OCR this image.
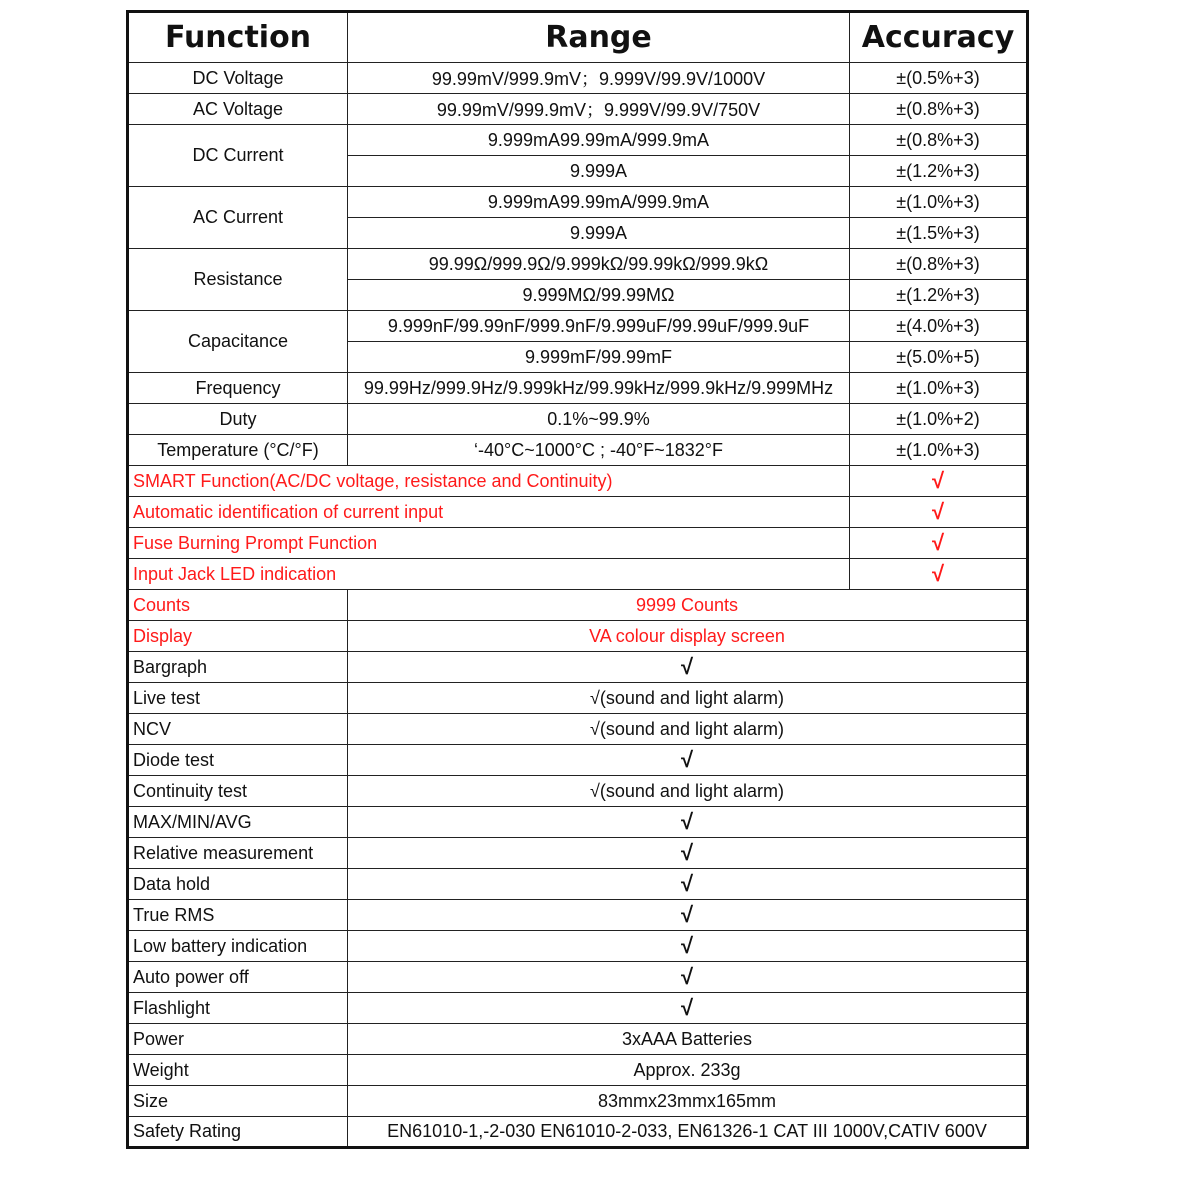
Function	Range	Accuracy
DC Voltage	99.99mV/999.9mV；9.999V/99.9V/1000V	±(0.5%+3)
AC Voltage	99.99mV/999.9mV；9.999V/99.9V/750V	±(0.8%+3)
DC Current	9.999mA99.99mA/999.9mA	±(0.8%+3)
	9.999A	±(1.2%+3)
AC Current	9.999mA99.99mA/999.9mA	±(1.0%+3)
	9.999A	±(1.5%+3)
Resistance	99.99Ω/999.9Ω/9.999kΩ/99.99kΩ/999.9kΩ	±(0.8%+3)
	9.999MΩ/99.99MΩ	±(1.2%+3)
Capacitance	9.999nF/99.99nF/999.9nF/9.999uF/99.99uF/999.9uF	±(4.0%+3)
	9.999mF/99.99mF	±(5.0%+5)
Frequency	99.99Hz/999.9Hz/9.999kHz/99.99kHz/999.9kHz/9.999MHz	±(1.0%+3)
Duty	0.1%~99.9%	±(1.0%+2)
Temperature (°C/°F)	‘-40°C~1000°C ; -40°F~1832°F	±(1.0%+3)
SMART Function(AC/DC voltage, resistance and Continuity)		√
Automatic identification of current input		√
Fuse Burning Prompt Function		√
Input Jack LED indication		√
Counts	9999 Counts	
Display	VA colour display screen	
Bargraph	√	
Live test	√(sound and light alarm)	
NCV	√(sound and light alarm)	
Diode test	√	
Continuity test	√(sound and light alarm)	
MAX/MIN/AVG	√	
Relative measurement	√	
Data hold	√	
True RMS	√	
Low battery indication	√	
Auto power off	√	
Flashlight	√	
Power	3xAAA Batteries	
Weight	Approx. 233g	
Size	83mmx23mmx165mm	
Safety Rating	EN61010-1,-2-030 EN61010-2-033, EN61326-1 CAT III 1000V,CATIV 600V	
